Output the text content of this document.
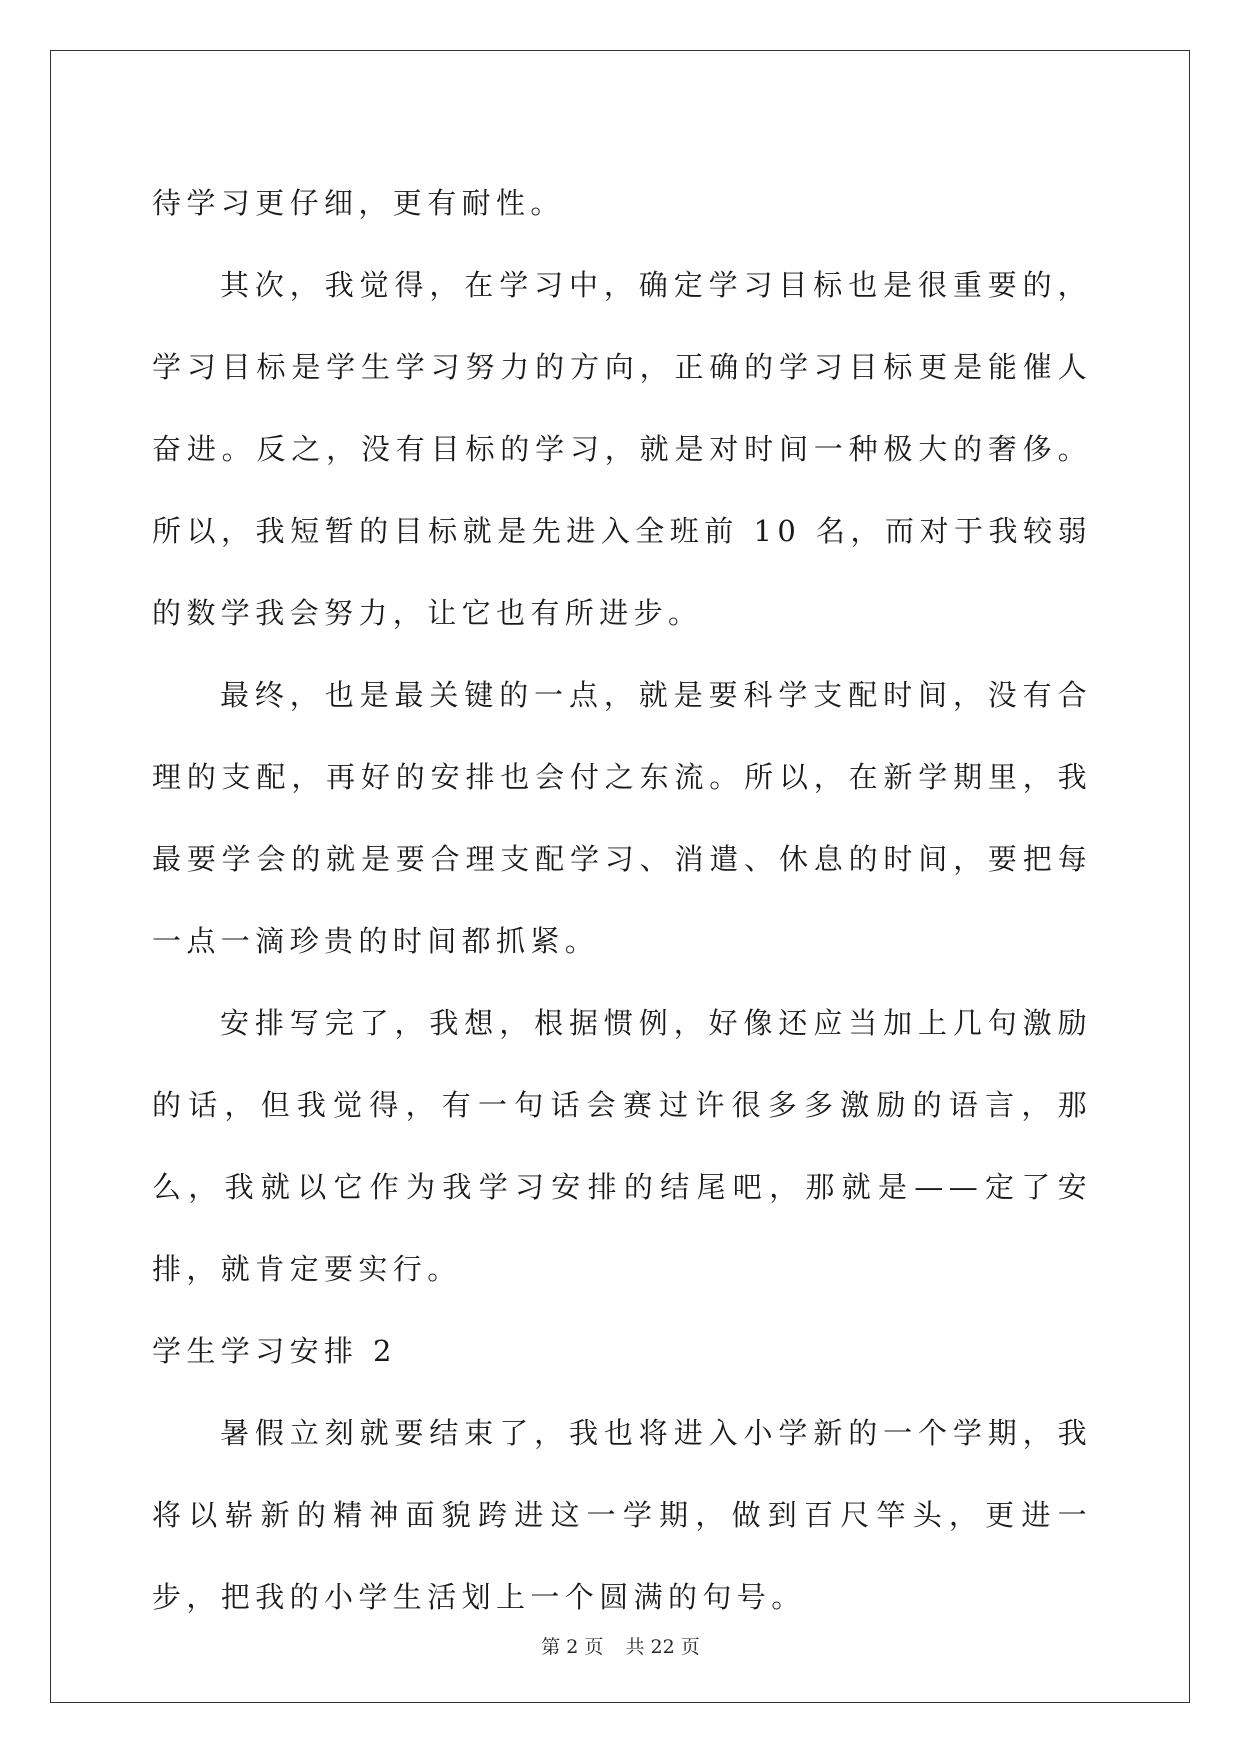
待学习更仔细，更有耐性。

其次，我觉得，在学习中，确定学习目标也是很重要的，学习目标是学生学习努力的方向，正确的学习目标更是能催人奋进。反之，没有目标的学习，就是对时间一种极大的奢侈。所以，我短暂的目标就是先进入全班前 10 名，而对于我较弱的数学我会努力，让它也有所进步。

最终，也是最关键的一点，就是要科学支配时间，没有合理的支配，再好的安排也会付之东流。所以，在新学期里，我最要学会的就是要合理支配学习、消遣、休息的时间，要把每一点一滴珍贵的时间都抓紧。

安排写完了，我想，根据惯例，好像还应当加上几句激励的话，但我觉得，有一句话会赛过许很多多激励的语言，那么，我就以它作为我学习安排的结尾吧，那就是——定了安排，就肯定要实行。

学生学习安排 2

暑假立刻就要结束了，我也将进入小学新的一个学期，我将以崭新的精神面貌跨进这一学期，做到百尺竿头，更进一步，把我的小学生活划上一个圆满的句号。

第 2 页 共 22 页
